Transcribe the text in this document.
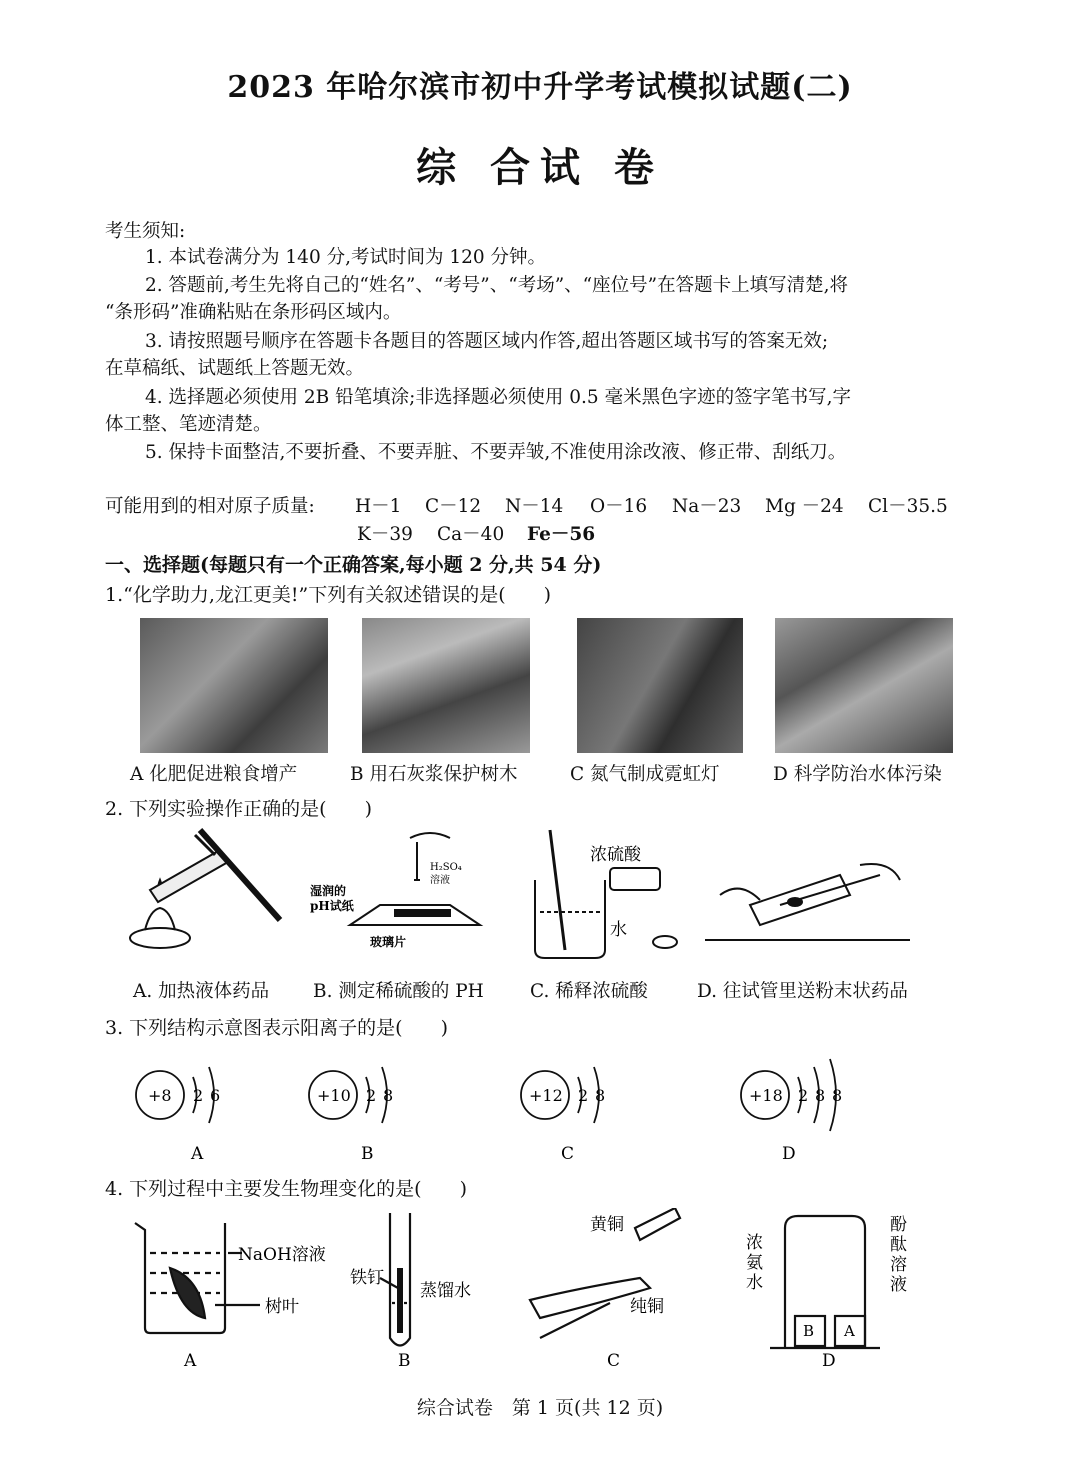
2023 年哈尔滨市初中升学考试模拟试题(二)
综 合试 卷
考生须知:
1. 本试卷满分为 140 分,考试时间为 120 分钟。
2. 答题前,考生先将自己的“姓名”、“考号”、“考场”、“座位号”在答题卡上填写清楚,将
“条形码”准确粘贴在条形码区域内。
3. 请按照题号顺序在答题卡各题目的答题区域内作答,超出答题区域书写的答案无效;
在草稿纸、试题纸上答题无效。
4. 选择题必须使用 2B 铅笔填涂;非选择题必须使用 0.5 毫米黑色字迹的签字笔书写,字
体工整、笔迹清楚。
5. 保持卡面整洁,不要折叠、不要弄脏、不要弄皱,不准使用涂改液、修正带、刮纸刀。
可能用到的相对原子质量: H－1 C－12 N－14 O－16 Na－23 Mg －24 Cl－35.5
K－39 Ca－40 Fe－56
一、选择题(每题只有一个正确答案,每小题 2 分,共 54 分)
1.“化学助力,龙江更美!”下列有关叙述错误的是(　　)
A 化肥促进粮食增产	B 用石灰浆保护树木	C 氮气制成霓虹灯	D 科学防治水体污染
2. 下列实验操作正确的是(　　)
H₂SO₄
溶液
湿润的
pH试纸
玻璃片
浓硫酸
水
A. 加热液体药品 B. 测定稀硫酸的 PH C. 稀释浓硫酸	D. 往试管里送粉末状药品
3. 下列结构示意图表示阳离子的是(　　)
+8 2 6	+10 2 8	+12 2 8	+18 2 8 8
A	B	C	D
4. 下列过程中主要发生物理变化的是(　　)
NaOH溶液
树叶
铁钉
蒸馏水
黄铜
纯铜
浓
氨
水
酚
酞
溶
液
B A
A	B	C	D
综合试卷　第 1 页(共 12 页)
